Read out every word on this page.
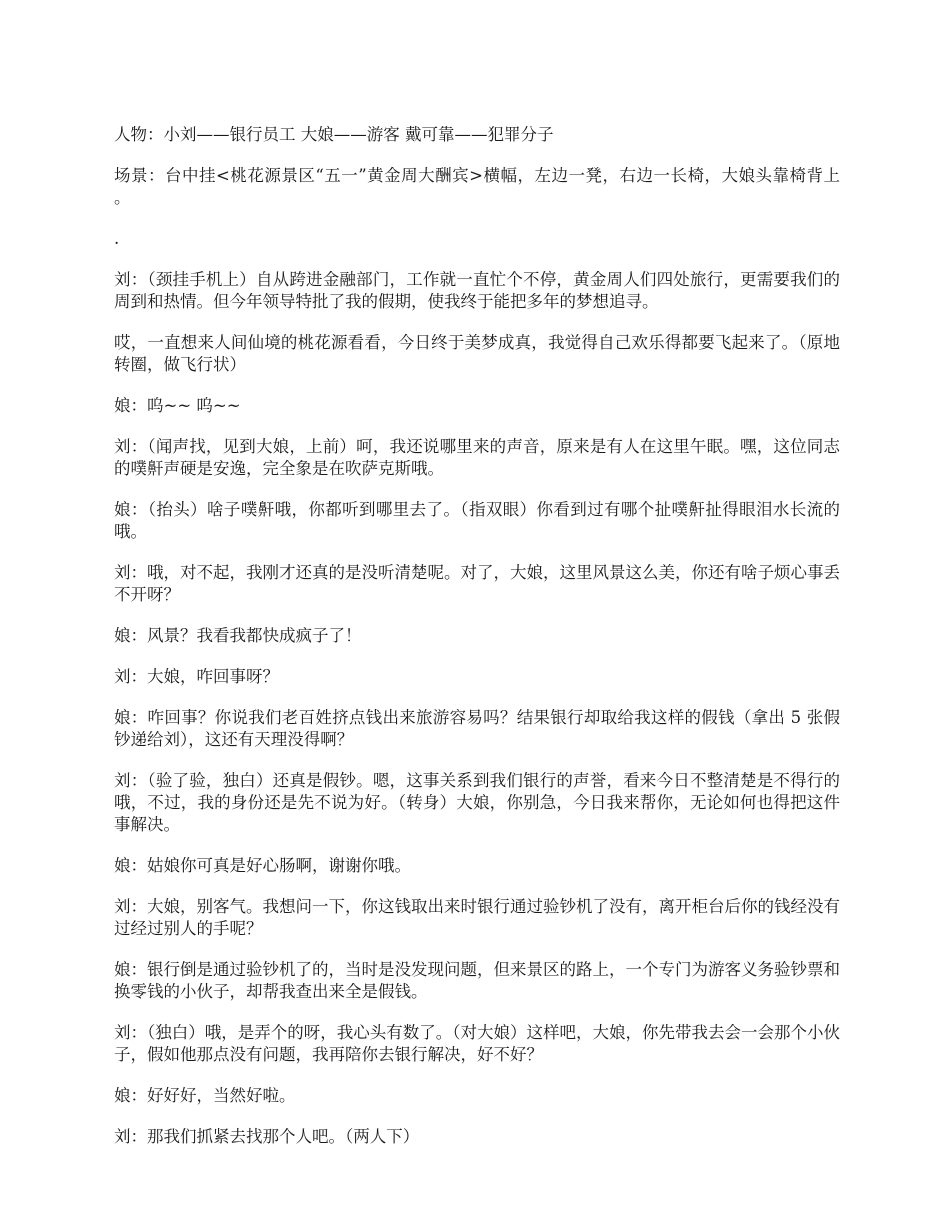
人物：小刘——银行员工 大娘——游客 戴可靠——犯罪分子

场景：台中挂<桃花源景区“五一”黄金周大酬宾>横幅，左边一凳，右边一长椅，大娘头靠椅背上 。

.

刘：（颈挂手机上）自从跨进金融部门，工作就一直忙个不停，黄金周人们四处旅行，更需要我们的周到和热情。但今年领导特批了我的假期，使我终于能把多年的梦想追寻。

哎，一直想来人间仙境的桃花源看看，今日终于美梦成真，我觉得自己欢乐得都要飞起来了。（原地转圈，做飞行状）

娘：呜~~ 呜~~

刘：（闻声找，见到大娘，上前）呵，我还说哪里来的声音，原来是有人在这里午眠。嘿，这位同志的噗鼾声硬是安逸，完全象是在吹萨克斯哦。

娘：（抬头）啥子噗鼾哦，你都听到哪里去了。（指双眼）你看到过有哪个扯噗鼾扯得眼泪水长流的哦。

刘：哦，对不起，我刚才还真的是没听清楚呢。对了，大娘，这里风景这么美，你还有啥子烦心事丢不开呀？

娘：风景？我看我都快成疯子了！

刘：大娘，咋回事呀？

娘：咋回事？你说我们老百姓挤点钱出来旅游容易吗？结果银行却取给我这样的假钱（拿出 5 张假钞递给刘），这还有天理没得啊？

刘：（验了验，独白）还真是假钞。嗯，这事关系到我们银行的声誉，看来今日不整清楚是不得行的哦，不过，我的身份还是先不说为好。（转身）大娘，你别急，今日我来帮你，无论如何也得把这件事解决。

娘：姑娘你可真是好心肠啊，谢谢你哦。

刘：大娘，别客气。我想问一下，你这钱取出来时银行通过验钞机了没有，离开柜台后你的钱经没有过经过别人的手呢？

娘：银行倒是通过验钞机了的，当时是没发现问题，但来景区的路上，一个专门为游客义务验钞票和换零钱的小伙子，却帮我查出来全是假钱。

刘：（独白）哦，是弄个的呀，我心头有数了。（对大娘）这样吧，大娘，你先带我去会一会那个小伙子，假如他那点没有问题，我再陪你去银行解决，好不好？

娘：好好好，当然好啦。

刘：那我们抓紧去找那个人吧。（两人下）
